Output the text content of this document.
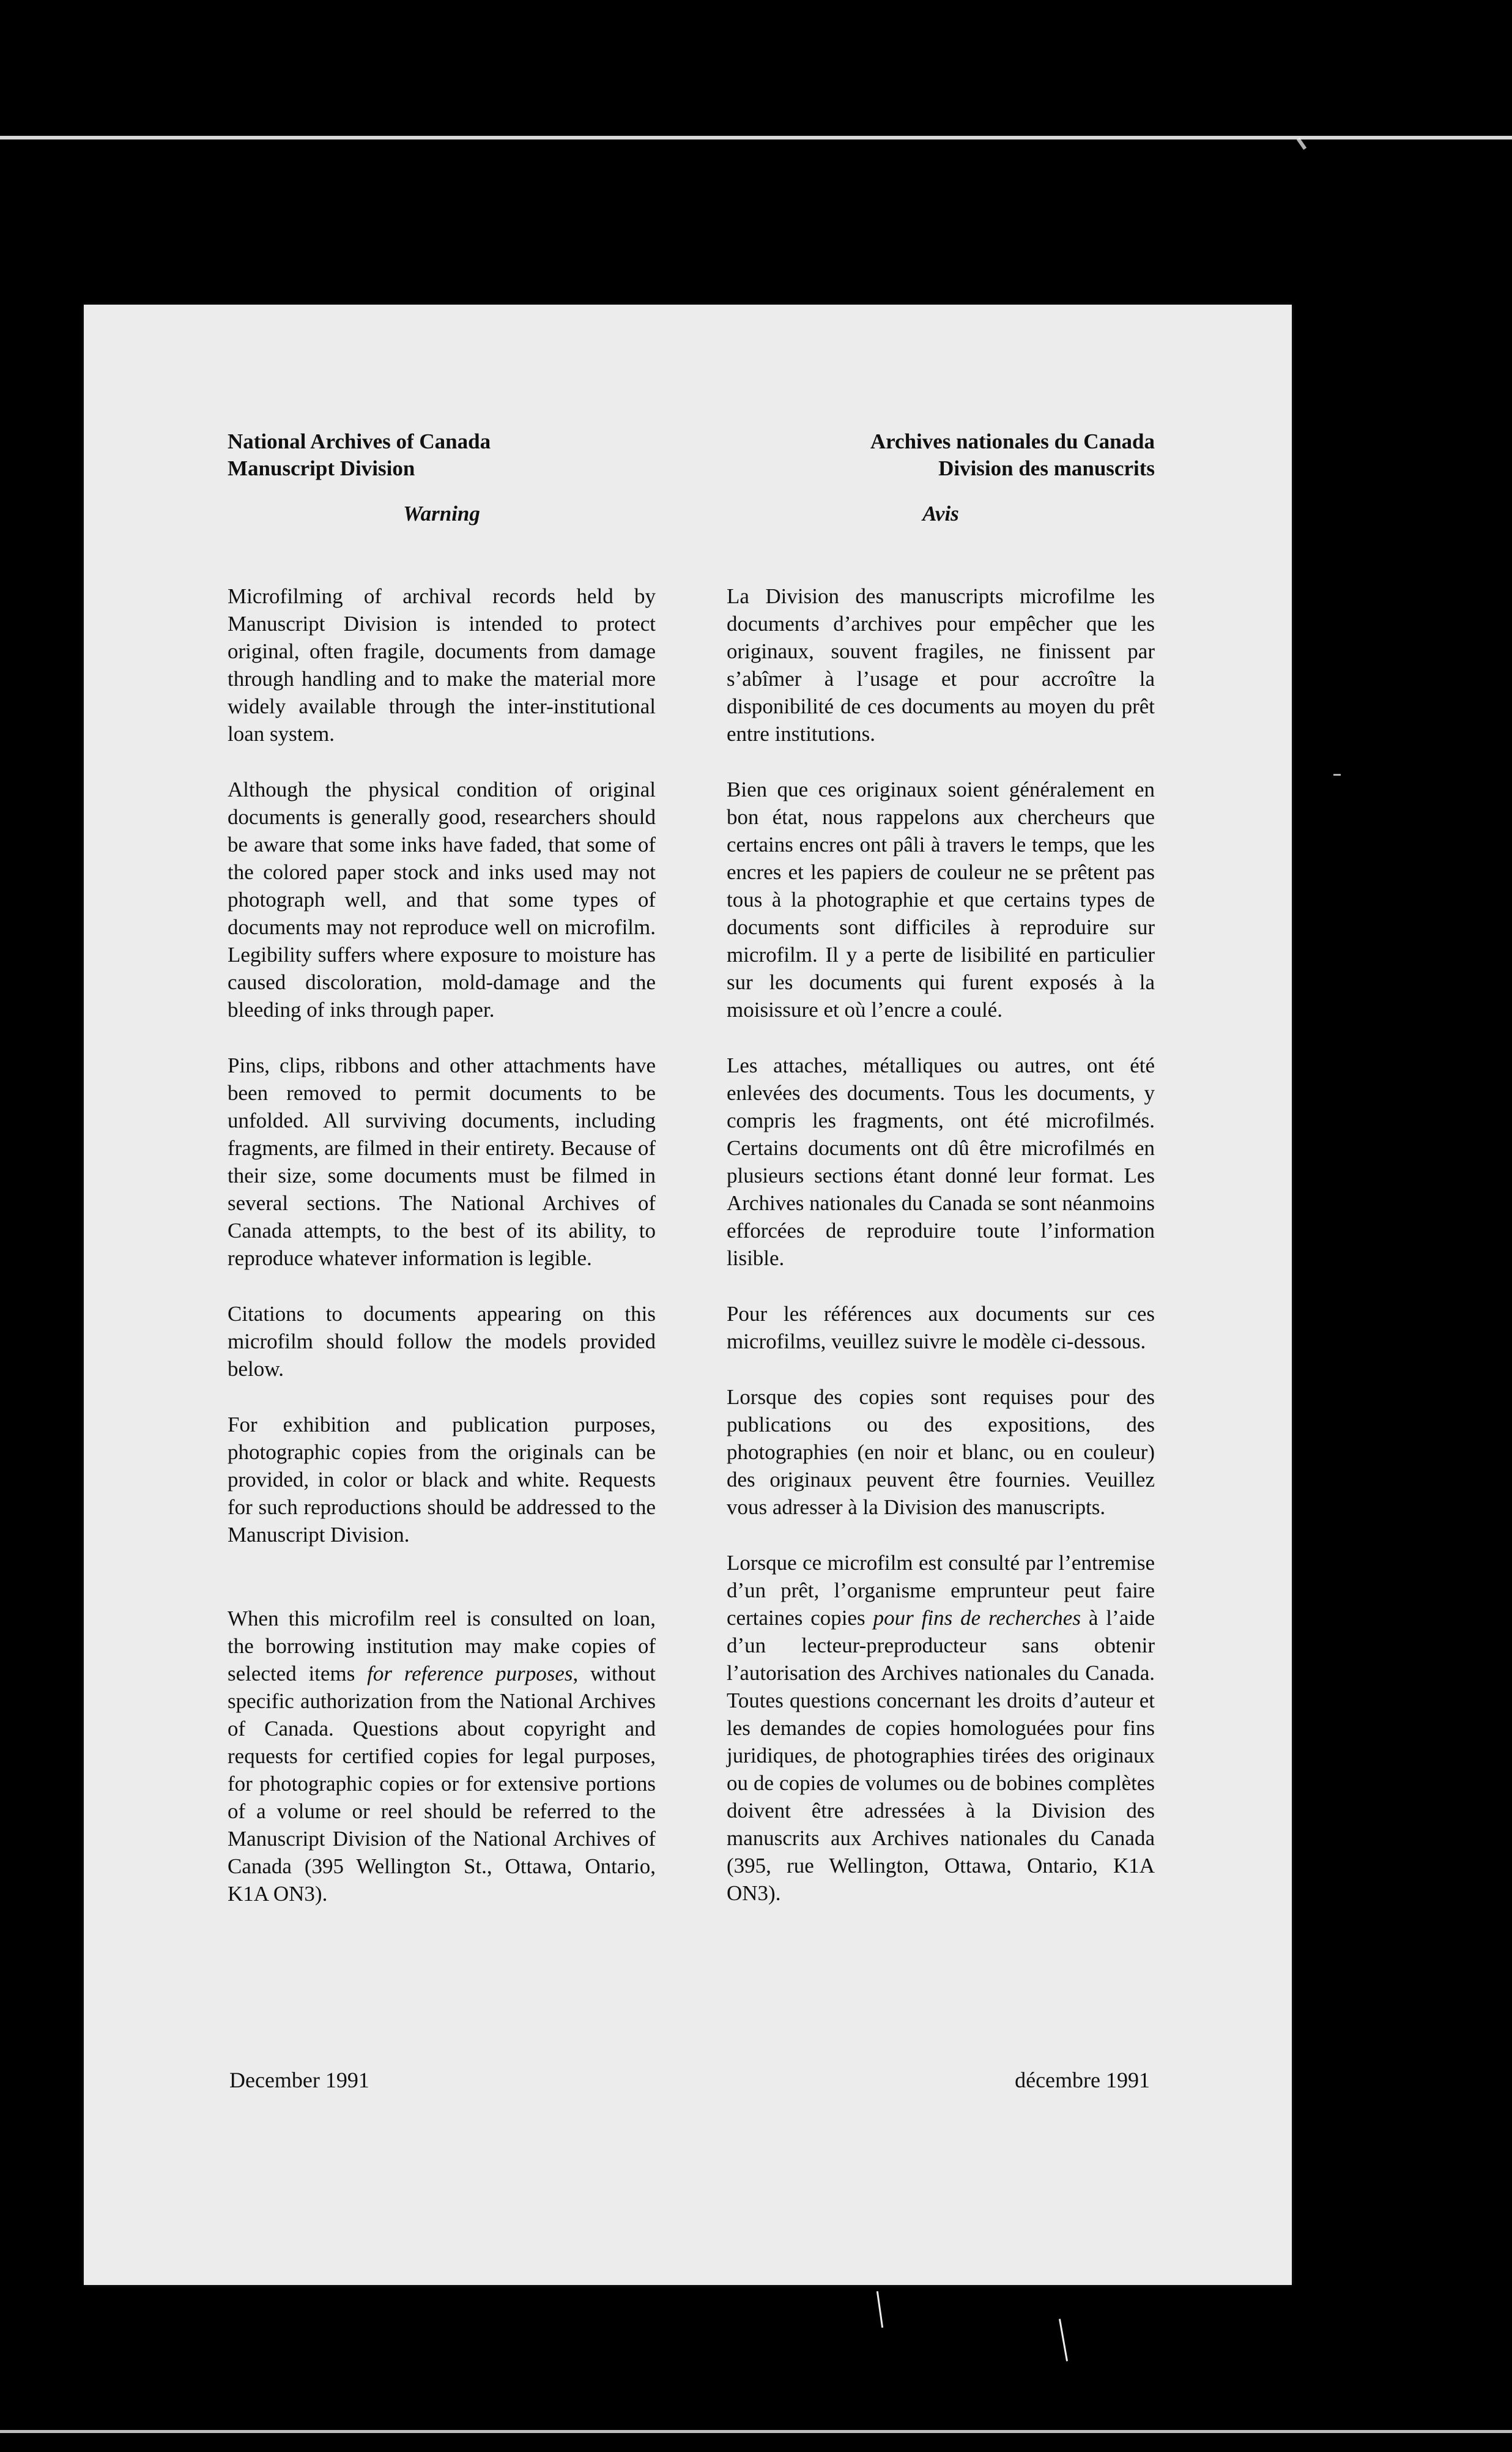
National Archives of Canada
Manuscript Division
Warning

Microfilming of archival records held by Manuscript Division is intended to protect original, often fragile, documents from damage through handling and to make the material more widely available through the inter-institutional loan system.

Although the physical condition of original documents is generally good, researchers should be aware that some inks have faded, that some of the colored paper stock and inks used may not photograph well, and that some types of documents may not reproduce well on microfilm. Legibility suffers where exposure to moisture has caused discoloration, mold-damage and the bleeding of inks through paper.

Pins, clips, ribbons and other attachments have been removed to permit documents to be unfolded. All surviving documents, including fragments, are filmed in their entirety. Because of their size, some documents must be filmed in several sections. The National Archives of Canada attempts, to the best of its ability, to reproduce whatever information is legible.

Citations to documents appearing on this microfilm should follow the models provided below.

For exhibition and publication purposes, photographic copies from the originals can be provided, in color or black and white. Requests for such reproductions should be addressed to the Manuscript Division.

When this microfilm reel is consulted on loan, the borrowing institution may make copies of selected items for reference purposes, without specific authorization from the National Archives of Canada. Questions about copyright and requests for certified copies for legal purposes, for photographic copies or for extensive portions of a volume or reel should be referred to the Manuscript Division of the National Archives of Canada (395 Wellington St., Ottawa, Ontario, K1A ON3).

Archives nationales du Canada
Division des manuscrits
Avis

La Division des manuscripts microfilme les documents d’archives pour empêcher que les originaux, souvent fragiles, ne finissent par s’abîmer à l’usage et pour accroître la disponibilité de ces documents au moyen du prêt entre institutions.

Bien que ces originaux soient généralement en bon état, nous rappelons aux chercheurs que certains encres ont pâli à travers le temps, que les encres et les papiers de couleur ne se prêtent pas tous à la photographie et que certains types de documents sont difficiles à reproduire sur microfilm. Il y a perte de lisibilité en particulier sur les documents qui furent exposés à la moisissure et où l’encre a coulé.

Les attaches, métalliques ou autres, ont été enlevées des documents. Tous les documents, y compris les fragments, ont été microfilmés. Certains documents ont dû être microfilmés en plusieurs sections étant donné leur format. Les Archives nationales du Canada se sont néanmoins efforcées de reproduire toute l’information lisible.

Pour les références aux documents sur ces microfilms, veuillez suivre le modèle ci-dessous.

Lorsque des copies sont requises pour des publications ou des expositions, des photographies (en noir et blanc, ou en couleur) des originaux peuvent être fournies. Veuillez vous adresser à la Division des manuscripts.

Lorsque ce microfilm est consulté par l’entremise d’un prêt, l’organisme emprunteur peut faire certaines copies pour fins de recherches à l’aide d’un lecteur-preproducteur sans obtenir l’autorisation des Archives nationales du Canada. Toutes questions concernant les droits d’auteur et les demandes de copies homologuées pour fins juridiques, de photographies tirées des originaux ou de copies de volumes ou de bobines complètes doivent être adressées à la Division des manuscrits aux Archives nationales du Canada (395, rue Wellington, Ottawa, Ontario, K1A ON3).

December 1991	décembre 1991
